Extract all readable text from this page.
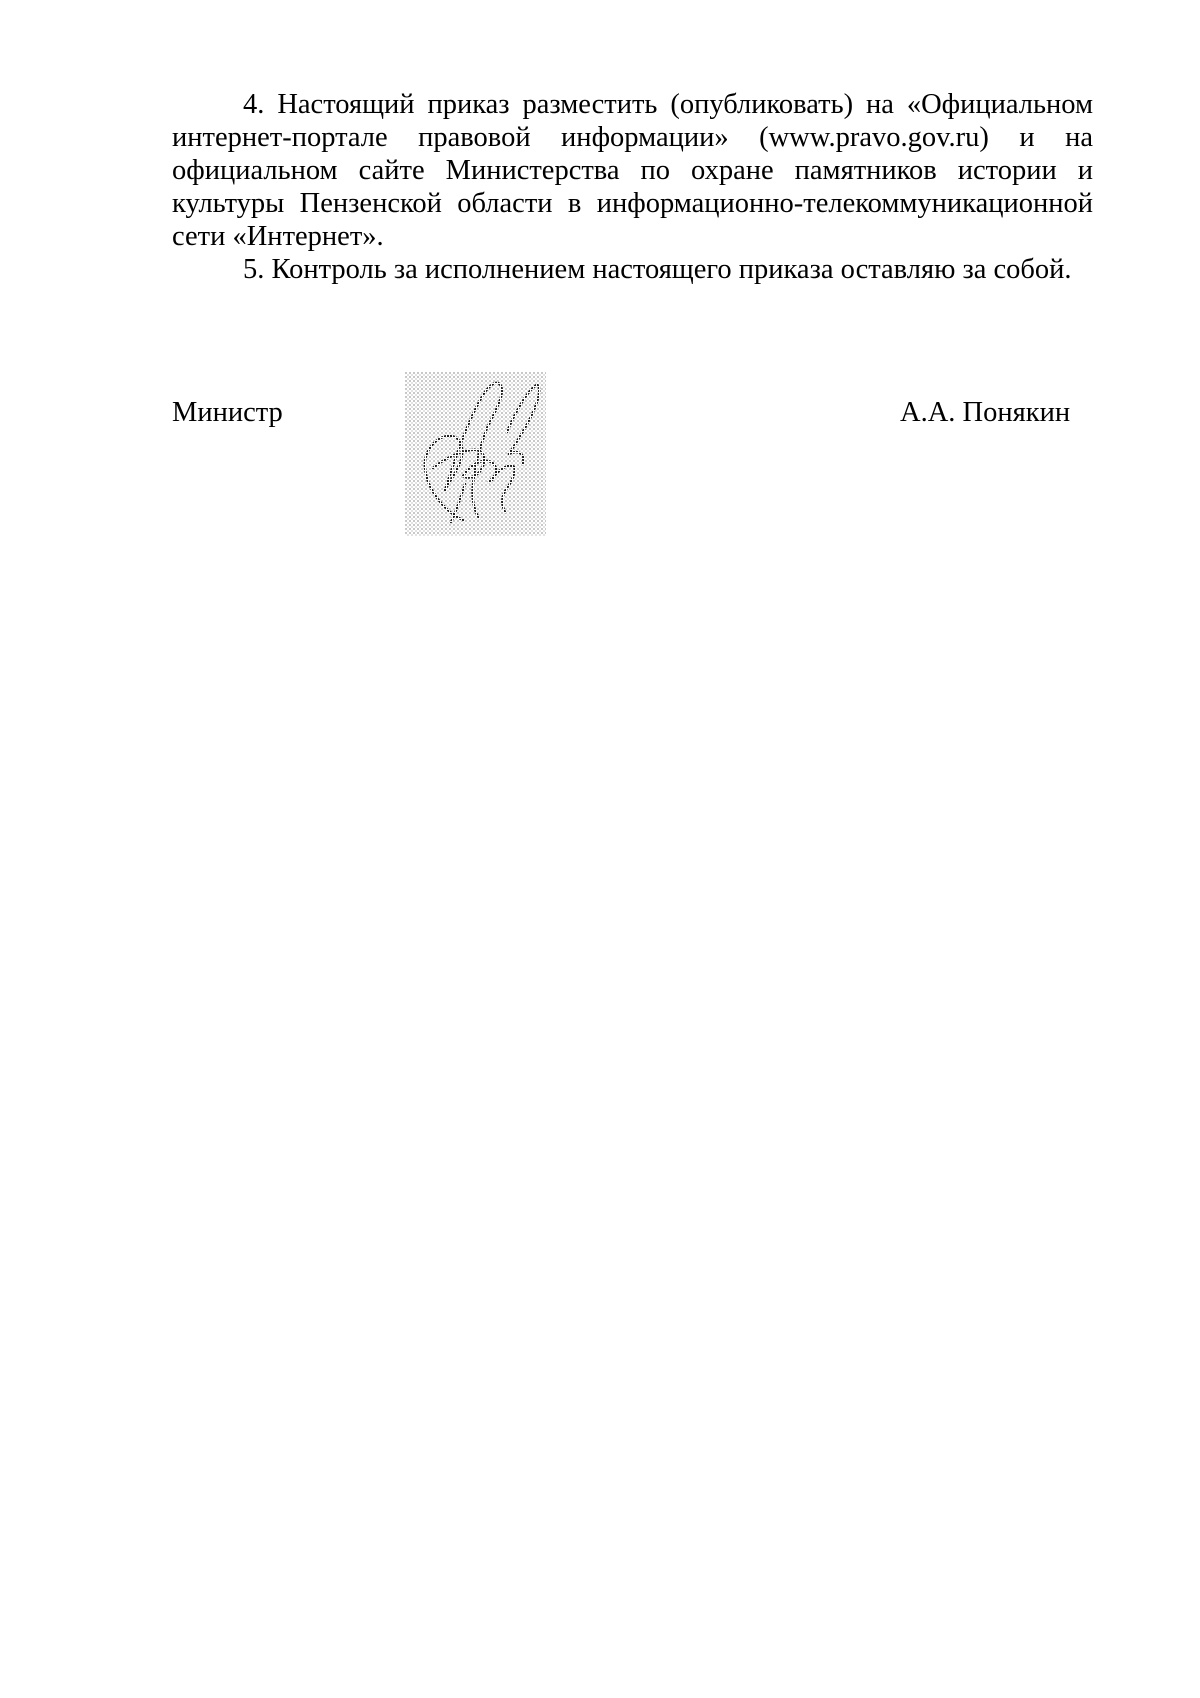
4. Настоящий приказ разместить (опубликовать) на «Официальном интернет-портале правовой информации» (www.pravo.gov.ru) и на официальном сайте Министерства по охране памятников истории и культуры Пензенской области в информационно-телекоммуникационной сети «Интернет».

5. Контроль за исполнением настоящего приказа оставляю за собой.

Министр	А.А. Понякин
